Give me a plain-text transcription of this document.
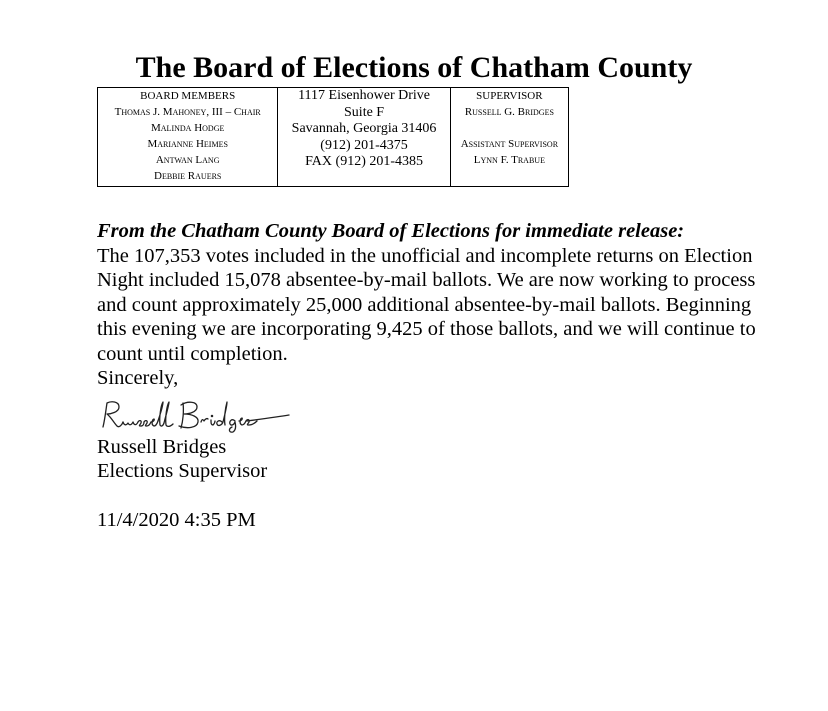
The Board of Elections of Chatham County
BOARD MEMBERS
Thomas J. Mahoney, III – Chair
Malinda Hodge
Marianne Heimes
Antwan Lang
Debbie Rauers

1117 Eisenhower Drive
Suite F
Savannah, Georgia 31406
(912) 201-4375
FAX (912) 201-4385

SUPERVISOR
Russell G. Bridges
Assistant Supervisor
Lynn F. Trabue

From the Chatham County Board of Elections for immediate release:

The 107,353 votes included in the unofficial and incomplete returns on Election Night included 15,078 absentee-by-mail ballots. We are now working to process and count approximately 25,000 additional absentee-by-mail ballots. Beginning this evening we are incorporating 9,425 of those ballots, and we will continue to count until completion.

Sincerely,

Russell Bridges

Elections Supervisor

11/4/2020 4:35 PM
